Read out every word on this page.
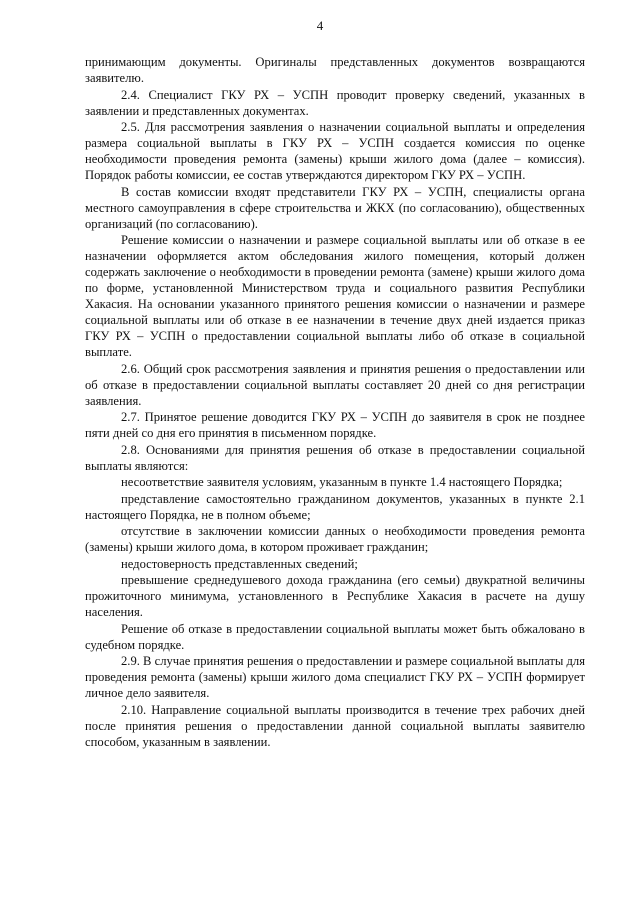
4

принимающим документы. Оригиналы представленных документов возвращаются заявителю.

2.4. Специалист ГКУ РХ – УСПН проводит проверку сведений, указанных в заявлении и представленных документах.

2.5. Для рассмотрения заявления о назначении социальной выплаты и определения размера социальной выплаты в ГКУ РХ – УСПН создается комиссия по оценке необходимости проведения ремонта (замены) крыши жилого дома (далее – комиссия). Порядок работы комиссии, ее состав утверждаются директором ГКУ РХ – УСПН.

В состав комиссии входят представители ГКУ РХ – УСПН, специалисты органа местного самоуправления в сфере строительства и ЖКХ (по согласованию), общественных организаций (по согласованию).

Решение комиссии о назначении и размере социальной выплаты или об отказе в ее назначении оформляется актом обследования жилого помещения, который должен содержать заключение о необходимости в проведении ремонта (замене) крыши жилого дома по форме, установленной Министерством труда и социального развития Республики Хакасия. На основании указанного принятого решения комиссии о назначении и размере социальной выплаты или об отказе в ее назначении в течение двух дней издается приказ ГКУ РХ – УСПН о предоставлении социальной выплаты либо об отказе в социальной выплате.

2.6. Общий срок рассмотрения заявления и принятия решения о предоставлении или об отказе в предоставлении социальной выплаты составляет 20 дней со дня регистрации заявления.

2.7. Принятое решение доводится ГКУ РХ – УСПН до заявителя в срок не позднее пяти дней со дня его принятия в письменном порядке.

2.8. Основаниями для принятия решения об отказе в предоставлении социальной выплаты являются:

несоответствие заявителя условиям, указанным в пункте 1.4 настоящего Порядка;

представление самостоятельно гражданином документов, указанных в пункте 2.1 настоящего Порядка, не в полном объеме;

отсутствие в заключении комиссии данных о необходимости проведения ремонта (замены) крыши жилого дома, в котором проживает гражданин;

недостоверность представленных сведений;

превышение среднедушевого дохода гражданина (его семьи) двукратной величины прожиточного минимума, установленного в Республике Хакасия в расчете на душу населения.

Решение об отказе в предоставлении социальной выплаты может быть обжаловано в судебном порядке.

2.9. В случае принятия решения о предоставлении и размере социальной выплаты для проведения ремонта (замены) крыши жилого дома специалист ГКУ РХ – УСПН формирует личное дело заявителя.

2.10. Направление социальной выплаты производится в течение трех рабочих дней после принятия решения о предоставлении данной социальной выплаты заявителю способом, указанным в заявлении.
